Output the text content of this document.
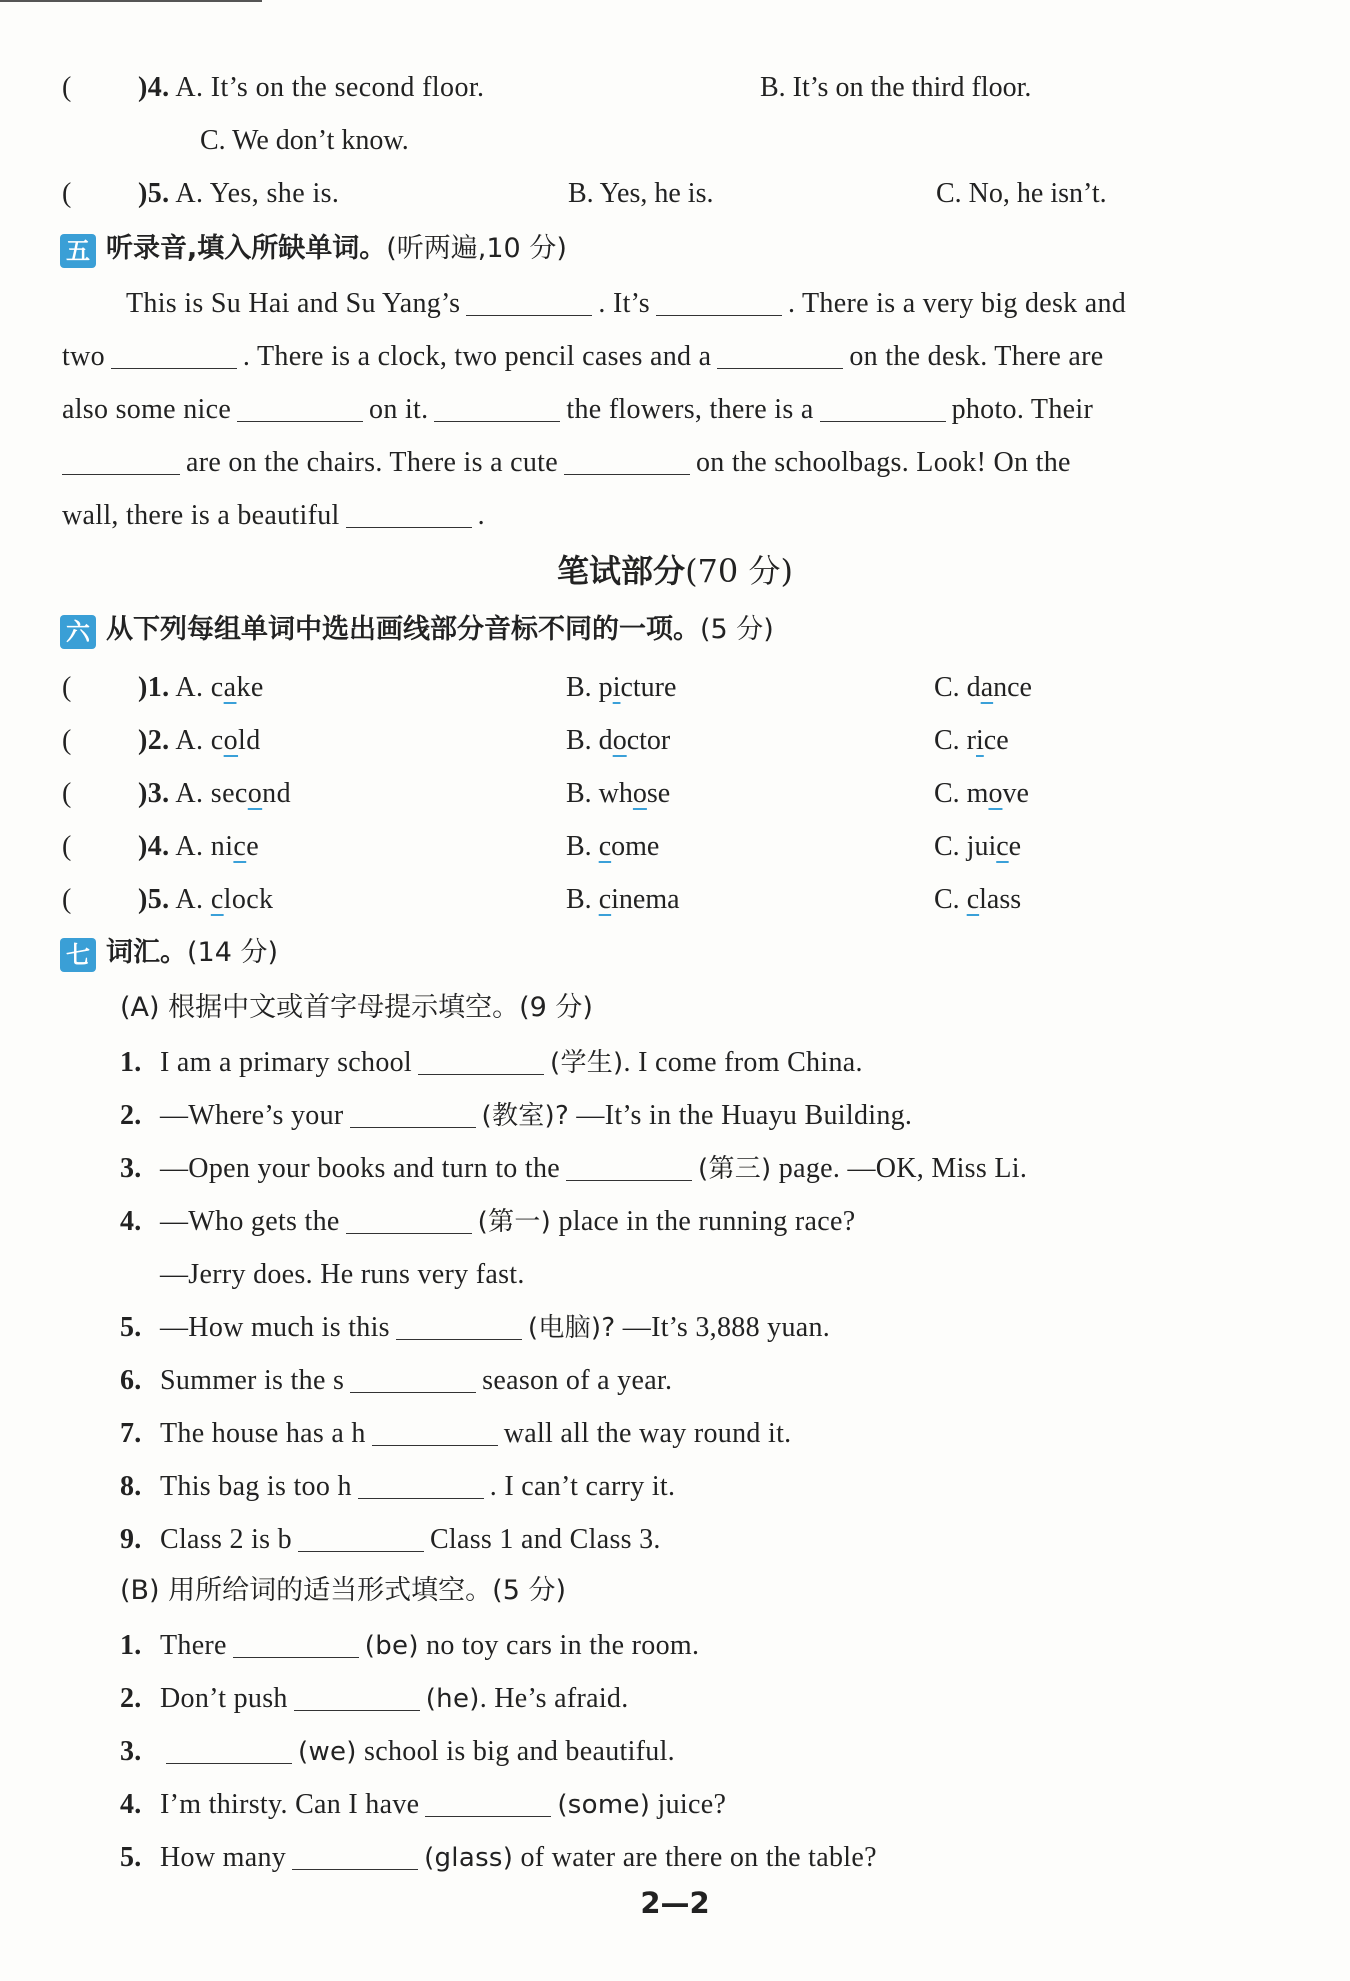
( )4. A. It’s on the second floor.	B. It’s on the third floor.
C. We don’t know.
( )5. A. Yes, she is.	B. Yes, he is.	C. No, he isn’t.
五 听录音,填入所缺单词。(听两遍,10 分)
This is Su Hai and Su Yang’s	. It’s	. There is a very big desk and
two	. There is a clock, two pencil cases and a	on the desk. There are
also some nice	on it.	the flowers, there is a	photo. Their
are on the chairs. There is a cute	on the schoolbags. Look! On the
wall, there is a beautiful	.
笔试部分(70 分)
六 从下列每组单词中选出画线部分音标不同的一项。(5 分)
( )1. A. cake	B. picture	C. dance
( )2. A. cold	B. doctor	C. rice
( )3. A. second	B. whose	C. move
( )4. A. nice	B. come	C. juice
( )5. A. clock	B. cinema	C. class
七 词汇。(14 分)
(A) 根据中文或首字母提示填空。(9 分)
1. I am a primary school	(学生). I come from China.
2. —Where’s your	(教室)? —It’s in the Huayu Building.
3. —Open your books and turn to the	(第三) page. —OK, Miss Li.
4. —Who gets the	(第一) place in the running race?
—Jerry does. He runs very fast.
5. —How much is this	(电脑)? —It’s 3,888 yuan.
6. Summer is the s	season of a year.
7. The house has a h	wall all the way round it.
8. This bag is too h	. I can’t carry it.
9. Class 2 is b	Class 1 and Class 3.
(B) 用所给词的适当形式填空。(5 分)
1. There	(be) no toy cars in the room.
2. Don’t push	(he). He’s afraid.
3.	(we) school is big and beautiful.
4. I’m thirsty. Can I have	(some) juice?
5. How many	(glass) of water are there on the table?
2—2
